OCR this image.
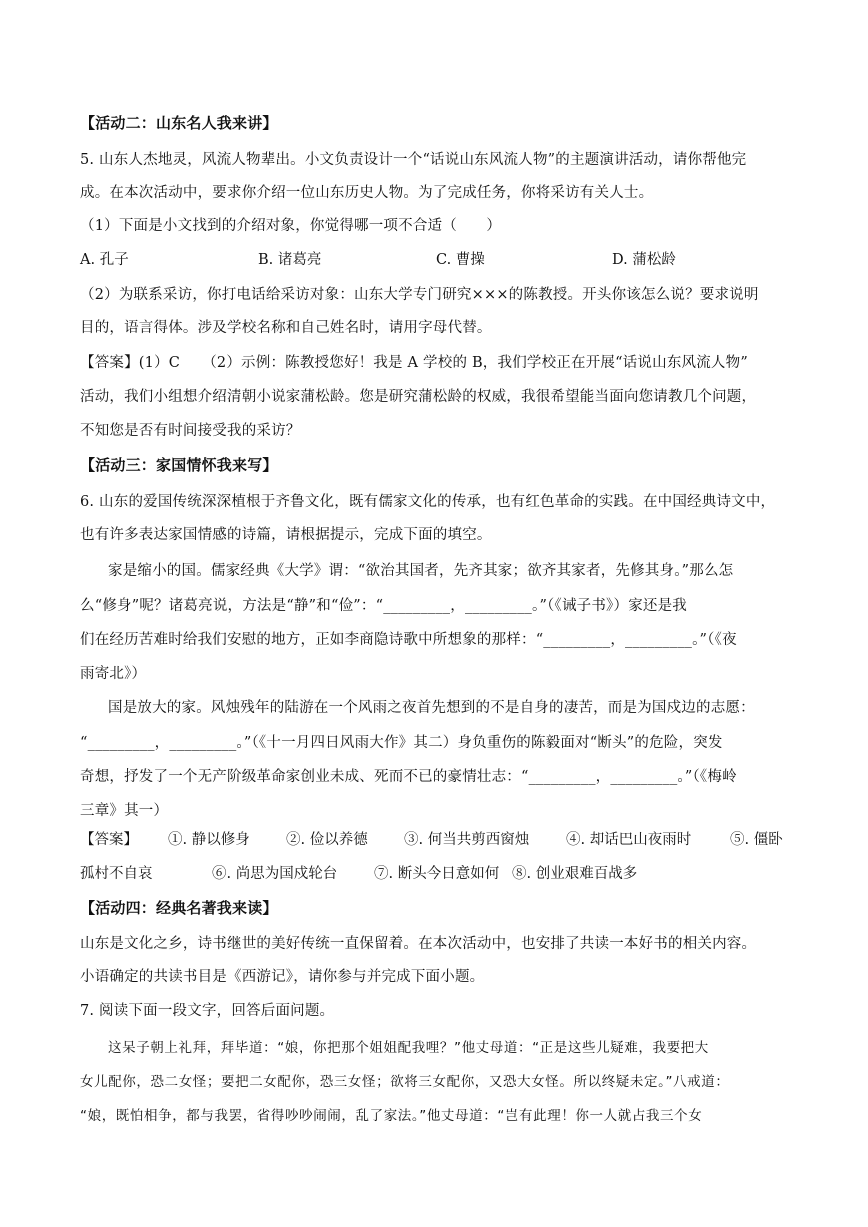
【活动二：山东名人我来讲】
5. 山东人杰地灵，风流人物辈出。小文负责设计一个“话说山东风流人物”的主题演讲活动，请你帮他完
成。在本次活动中，要求你介绍一位山东历史人物。为了完成任务，你将采访有关人士。
（1）下面是小文找到的介绍对象，你觉得哪一项不合适（　　）
A. 孔子	B. 诸葛亮	C. 曹操	D. 蒲松龄
（2）为联系采访，你打电话给采访对象：山东大学专门研究×××的陈教授。开头你该怎么说？要求说明
目的，语言得体。涉及学校名称和自己姓名时，请用字母代替。
【答案】(1）C　　（2）示例：陈教授您好！我是 A 学校的 B，我们学校正在开展“话说山东风流人物”
活动，我们小组想介绍清朝小说家蒲松龄。您是研究蒲松龄的权威，我很希望能当面向您请教几个问题，
不知您是否有时间接受我的采访？
【活动三：家国情怀我来写】
6. 山东的爱国传统深深植根于齐鲁文化，既有儒家文化的传承，也有红色革命的实践。在中国经典诗文中，
也有许多表达家国情感的诗篇，请根据提示，完成下面的填空。
家是缩小的国。儒家经典《大学》谓：“欲治其国者，先齐其家；欲齐其家者，先修其身。”那么怎
么“修身”呢？诸葛亮说，方法是“静”和“俭”：“_________，_________。”（《诫子书》）家还是我
们在经历苦难时给我们安慰的地方，正如李商隐诗歌中所想象的那样：“_________，_________。”（《夜
雨寄北》）
国是放大的家。风烛残年的陆游在一个风雨之夜首先想到的不是自身的凄苦，而是为国戍边的志愿：
“_________，_________。”（《十一月四日风雨大作》其二）身负重伤的陈毅面对“断头”的危险，突发
奇想，抒发了一个无产阶级革命家创业未成、死而不已的豪情壮志：“_________，_________。”（《梅岭
三章》其一）
【答案】 ①. 静以修身	②. 俭以养德	③. 何当共剪西窗烛	④. 却话巴山夜雨时	⑤. 僵卧
孤村不自哀	⑥. 尚思为国戍轮台	⑦. 断头今日意如何 ⑧. 创业艰难百战多
【活动四：经典名著我来读】
山东是文化之乡，诗书继世的美好传统一直保留着。在本次活动中，也安排了共读一本好书的相关内容。
小语确定的共读书目是《西游记》，请你参与并完成下面小题。
7. 阅读下面一段文字，回答后面问题。
这呆子朝上礼拜，拜毕道：“娘，你把那个姐姐配我哩？”他丈母道：“正是这些儿疑难，我要把大
女儿配你，恐二女怪；要把二女配你，恐三女怪；欲将三女配你，又恐大女怪。所以终疑未定。”八戒道：
“娘，既怕相争，都与我罢，省得吵吵闹闹，乱了家法。”他丈母道：“岂有此理！你一人就占我三个女
